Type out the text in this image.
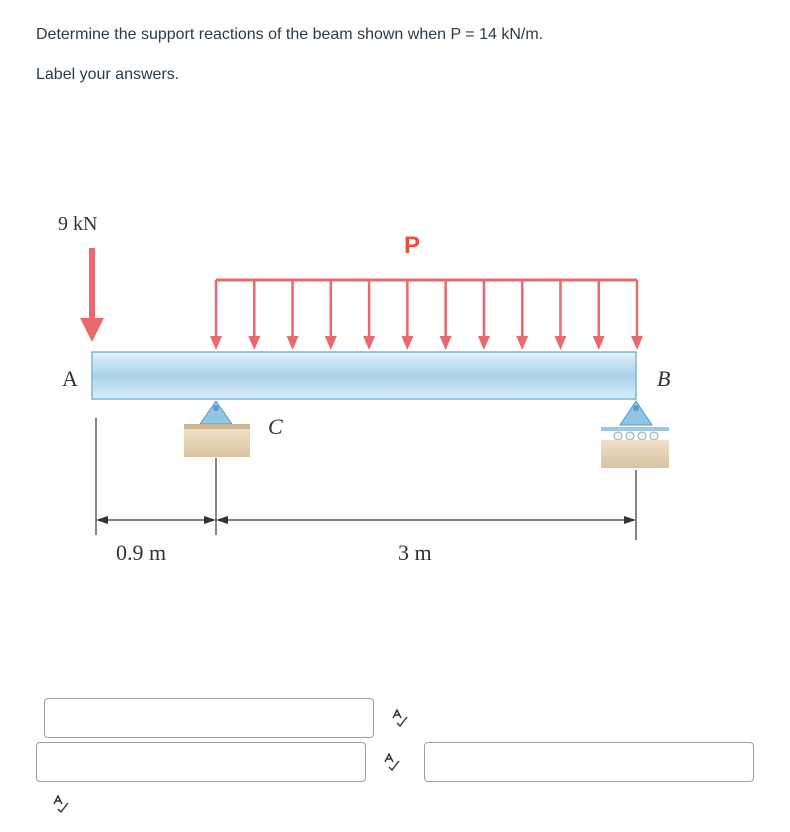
Determine the support reactions of the beam shown when P = 14 kN/m.
Label your answers.
9 kN
P
A	B
C
0.9 m	3 m
